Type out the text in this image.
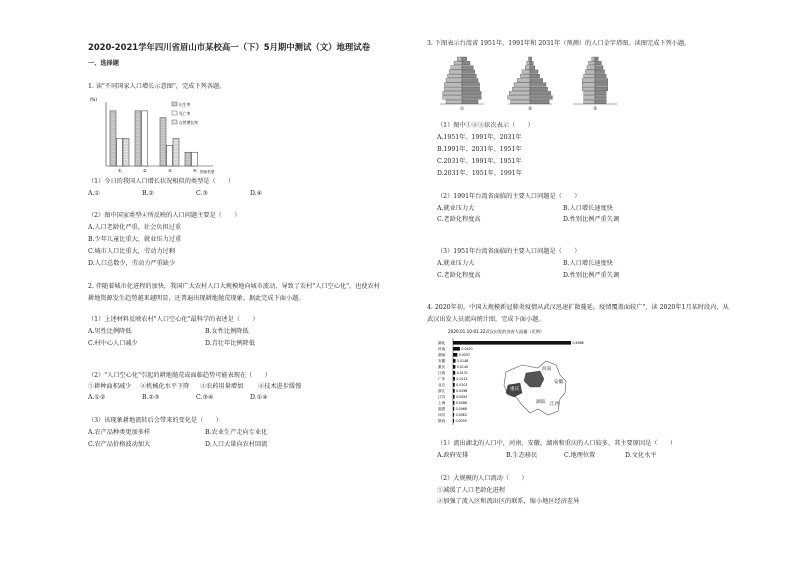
2020-2021学年四川省眉山市某校高一（下）5月期中测试（文）地理试卷
一、选择题
1. 读"不同国家人口增长示意图"，完成下列各题。
(%)
①	②	③	④ 国家类型
出生率
死亡率
自然增长率
（1）今日的我国人口增长状况相似的类型是（　　）
A.①	B.②	C.③	D.④
（2）图中国家类型④所反映的人口问题主要是（　　）
A.人口老龄化严重，社会负担过重
B.少年儿童比重大，就业压力过重
C.城市人口比重大，劳动力过剩
D.人口总数少，劳动力严重缺少
2. 伴随着城市化进程的加快，我国广大农村人口大规模地向城市流动，导致了农村"人口空心化"，也使农村
耕地资源发生趋势越来越明显，还普遍出现耕地抛荒现象。据此完成下面小题。
（1）上述材料反映农村"人口空心化"最科学的表述是（　　）
A.男性比例降低	B.女性比例降低
C.村中心人口减少	D.青壮年比例降低
（2）"人口空心化"引起的耕地抛荒或面临趋势可能表现在（　　）
①耕种面积减少 ②机械化水平下降 ③农药用量增加 ④技术进步缓慢
A.①②	B.②③	C.③④	D.①④
（3）该现象耕地流转后会带来的变化是（　　）
A.农产品种类更加多样	B.农业生产走向专业化
C.农产品价格波动加大	D.人口大量向农村回流
3. 下图表示台湾省 1951年、1991年和 2031年（预测）的人口金字塔图。读图完成下列小题。
①	②	③
（1）图中①②③依次表示（　　）
A.1951年、1991年、2031年
B.1991年、2031年、1951年
C.2031年、1991年、1951年
D.2031年、1951年、1991年
（2）1991年台湾省面临的主要人口问题是（　　）
A.就业压力大	B.人口增长速度快
C.老龄化程度高	D.性别比例严重失调
（3）1951年台湾省面临的主要人口问题是（　　）
A.就业压力大	B.人口增长速度快
C.老龄化程度高	D.性别比例严重失调
4. 2020年初，中国大规模新冠肺炎疫情从武汉迅速扩散蔓延。疫情覆盖面较广"，读 2020年1月某时段内，从
武汉出发人员流向统计图，完成下面小题。
2020.01.10-01.22武汉出发的各省人流量（比例）
湖北	0.6986
河南	0.0410
湖南	0.0257
安徽	0.0148
重庆	0.0140
江西	0.0131
广东	0.0113
北京	0.0103
浙江	0.0098
江苏	0.0094
上海	0.0086
福建	0.0068
四川	0.0063
陕西	0.0059
河南
安徽
湖南 江西
重庆
（1）流出湖北的人口中，河南、安徽、湖南和重庆的人口较多，其主要原因是（　　）
A.政府安排	B.生态移民	C.地理位置	D.文化水平
（2）大规模的人口流动（　　）
①减缓了人口老龄化进程
②加强了流入区和流出区的联系，缩小地区经济差异
